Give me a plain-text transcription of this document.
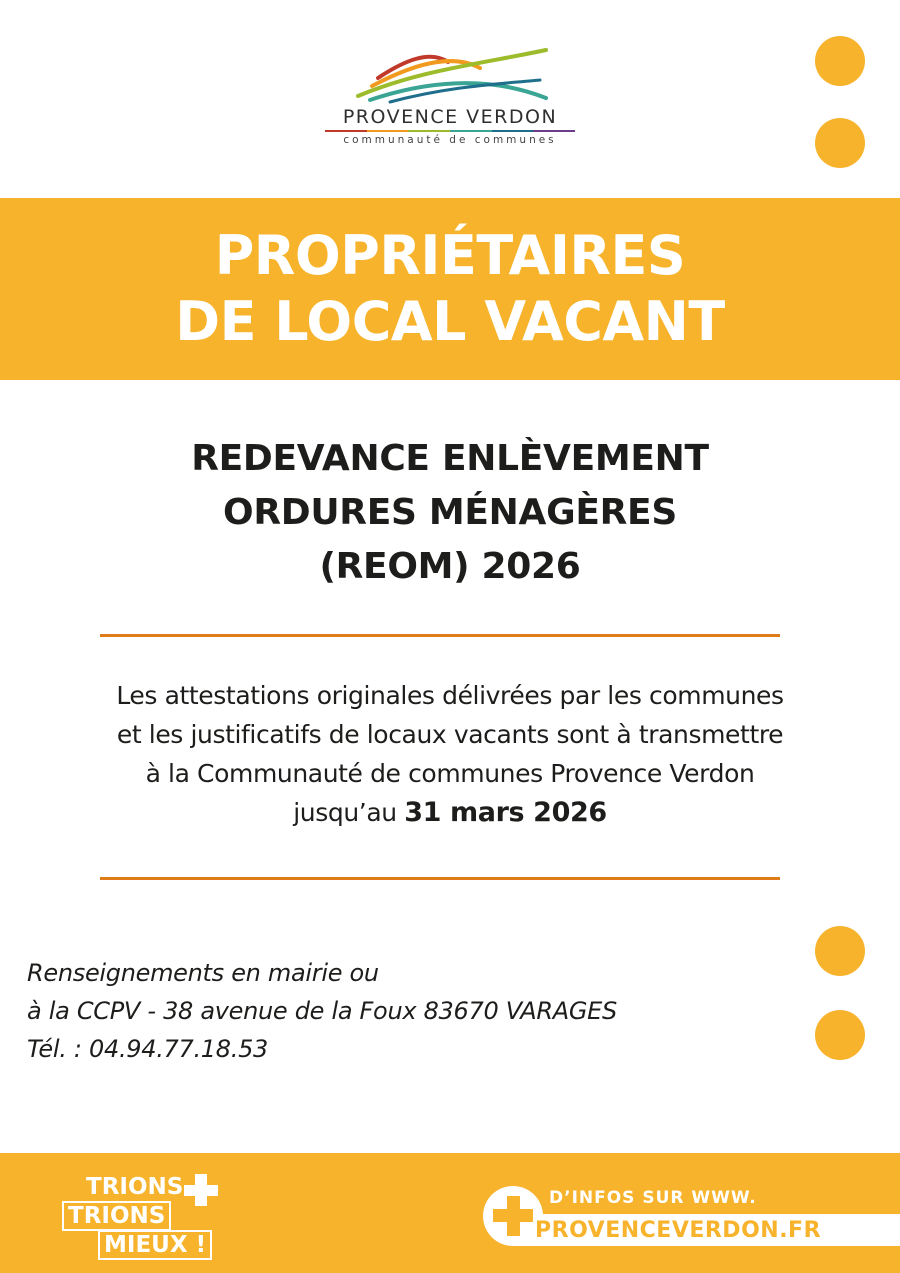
PROVENCE VERDON
communauté de communes
PROPRIÉTAIRES
DE LOCAL VACANT
REDEVANCE ENLÈVEMENT
ORDURES MÉNAGÈRES
(REOM) 2026
Les attestations originales délivrées par les communes
et les justificatifs de locaux vacants sont à transmettre
à la Communauté de communes Provence Verdon
jusqu’au 31 mars 2026
Renseignements en mairie ou
à la CCPV - 38 avenue de la Foux 83670 VARAGES
Tél. : 04.94.77.18.53
TRIONS
TRIONS
MIEUX !
D’INFOS SUR WWW.
PROVENCEVERDON.FR
